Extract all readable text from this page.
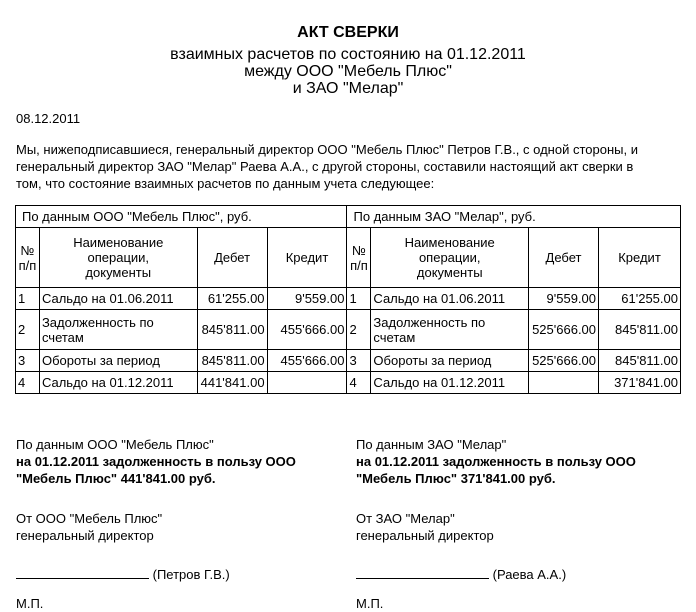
АКТ СВЕРКИ
взаимных расчетов по состоянию на 01.12.2011
между ООО "Мебель Плюс"
и ЗАО "Мелар"
08.12.2011
Мы, нижеподписавшиеся, генеральный директор ООО "Мебель Плюс" Петров Г.В., с одной стороны, и
генеральный директор ЗАО "Мелар" Раева А.А., с другой стороны, составили настоящий акт сверки в
том, что состояние взаимных расчетов по данным учета следующее:
По данным ООО "Мебель Плюс", руб.				По данным ЗАО "Мелар", руб.			
№
п/п	Наименование
операции,
документы	Дебет	Кредит	№
п/п	Наименование
операции,
документы	Дебет	Кредит
1	Сальдо на 01.06.2011	61'255.00	9'559.00	1	Сальдо на 01.06.2011	9'559.00	61'255.00
2	Задолженность по
счетам	845'811.00	455'666.00	2	Задолженность по
счетам	525'666.00	845'811.00
3	Обороты за период	845'811.00	455'666.00	3	Обороты за период	525'666.00	845'811.00
4	Сальдо на 01.12.2011	441'841.00		4	Сальдо на 01.12.2011		371'841.00
По данным ООО "Мебель Плюс"
на 01.12.2011 задолженность в пользу ООО
"Мебель Плюс" 441'841.00 руб.
По данным ЗАО "Мелар"
на 01.12.2011 задолженность в пользу ООО
"Мебель Плюс" 371'841.00 руб.
От ООО "Мебель Плюс"
генеральный директор
(Петров Г.В.)
М.П.
От ЗАО "Мелар"
генеральный директор
(Раева А.А.)
М.П.
